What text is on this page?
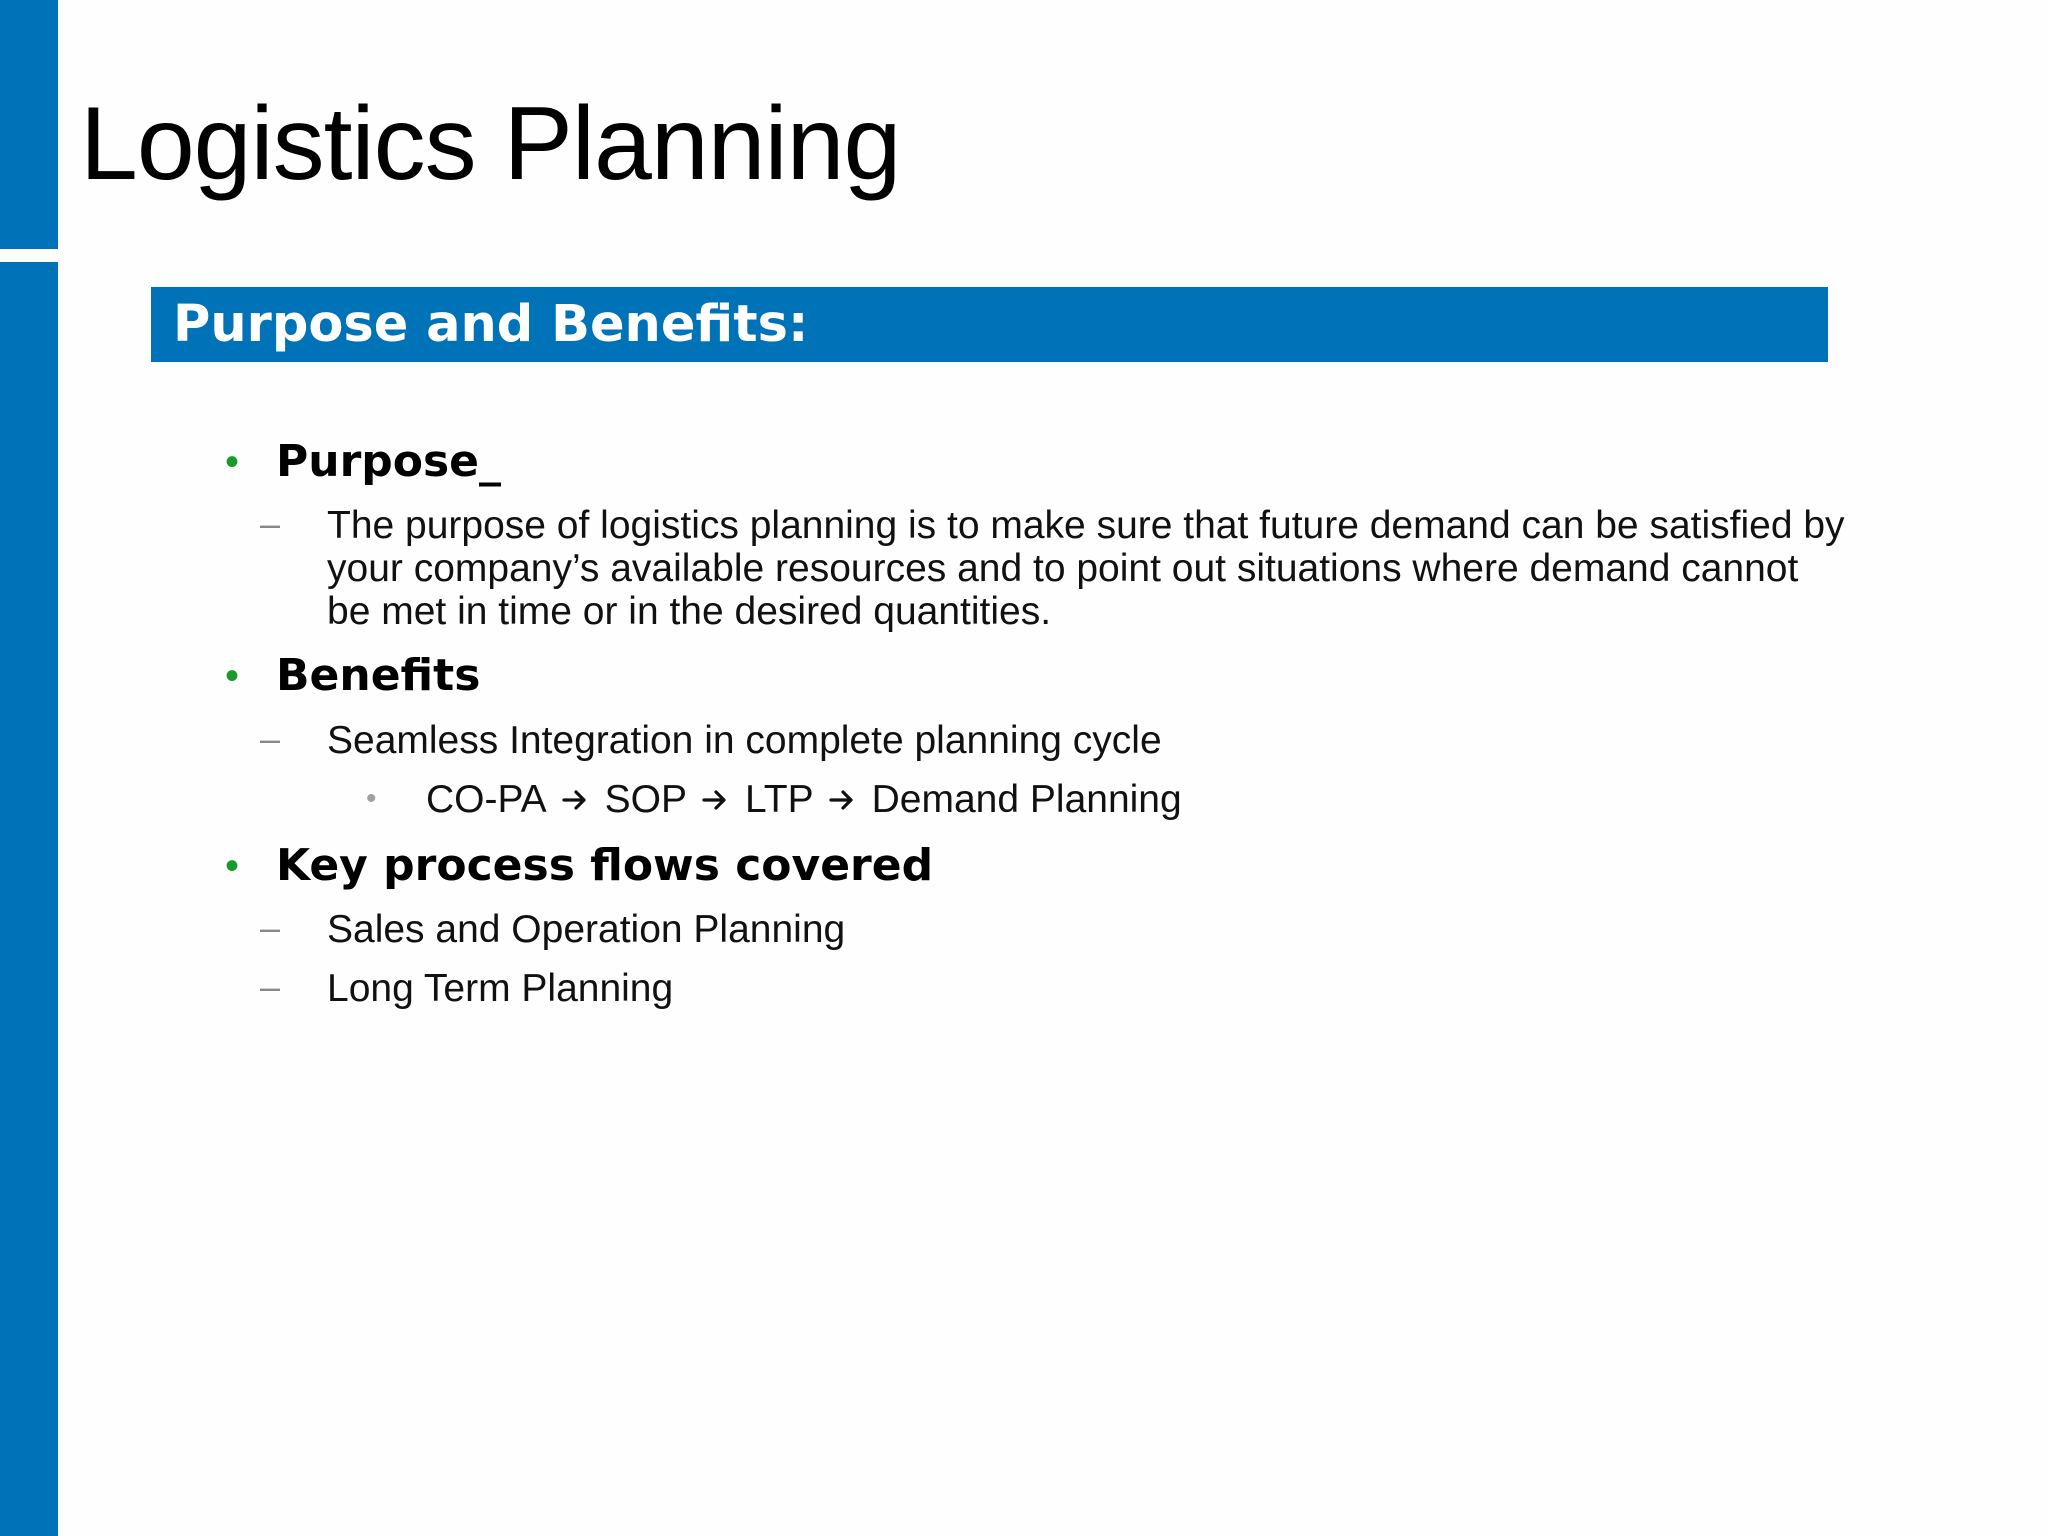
Logistics Planning
Purpose and Benefits:
• Purpose_
– The purpose of logistics planning is to make sure that future demand can be satisfied by your company’s available resources and to point out situations where demand cannot be met in time or in the desired quantities.
• Benefits
– Seamless Integration in complete planning cycle
• CO-PA SOP LTP Demand Planning
• Key process flows covered
– Sales and Operation Planning
– Long Term Planning
